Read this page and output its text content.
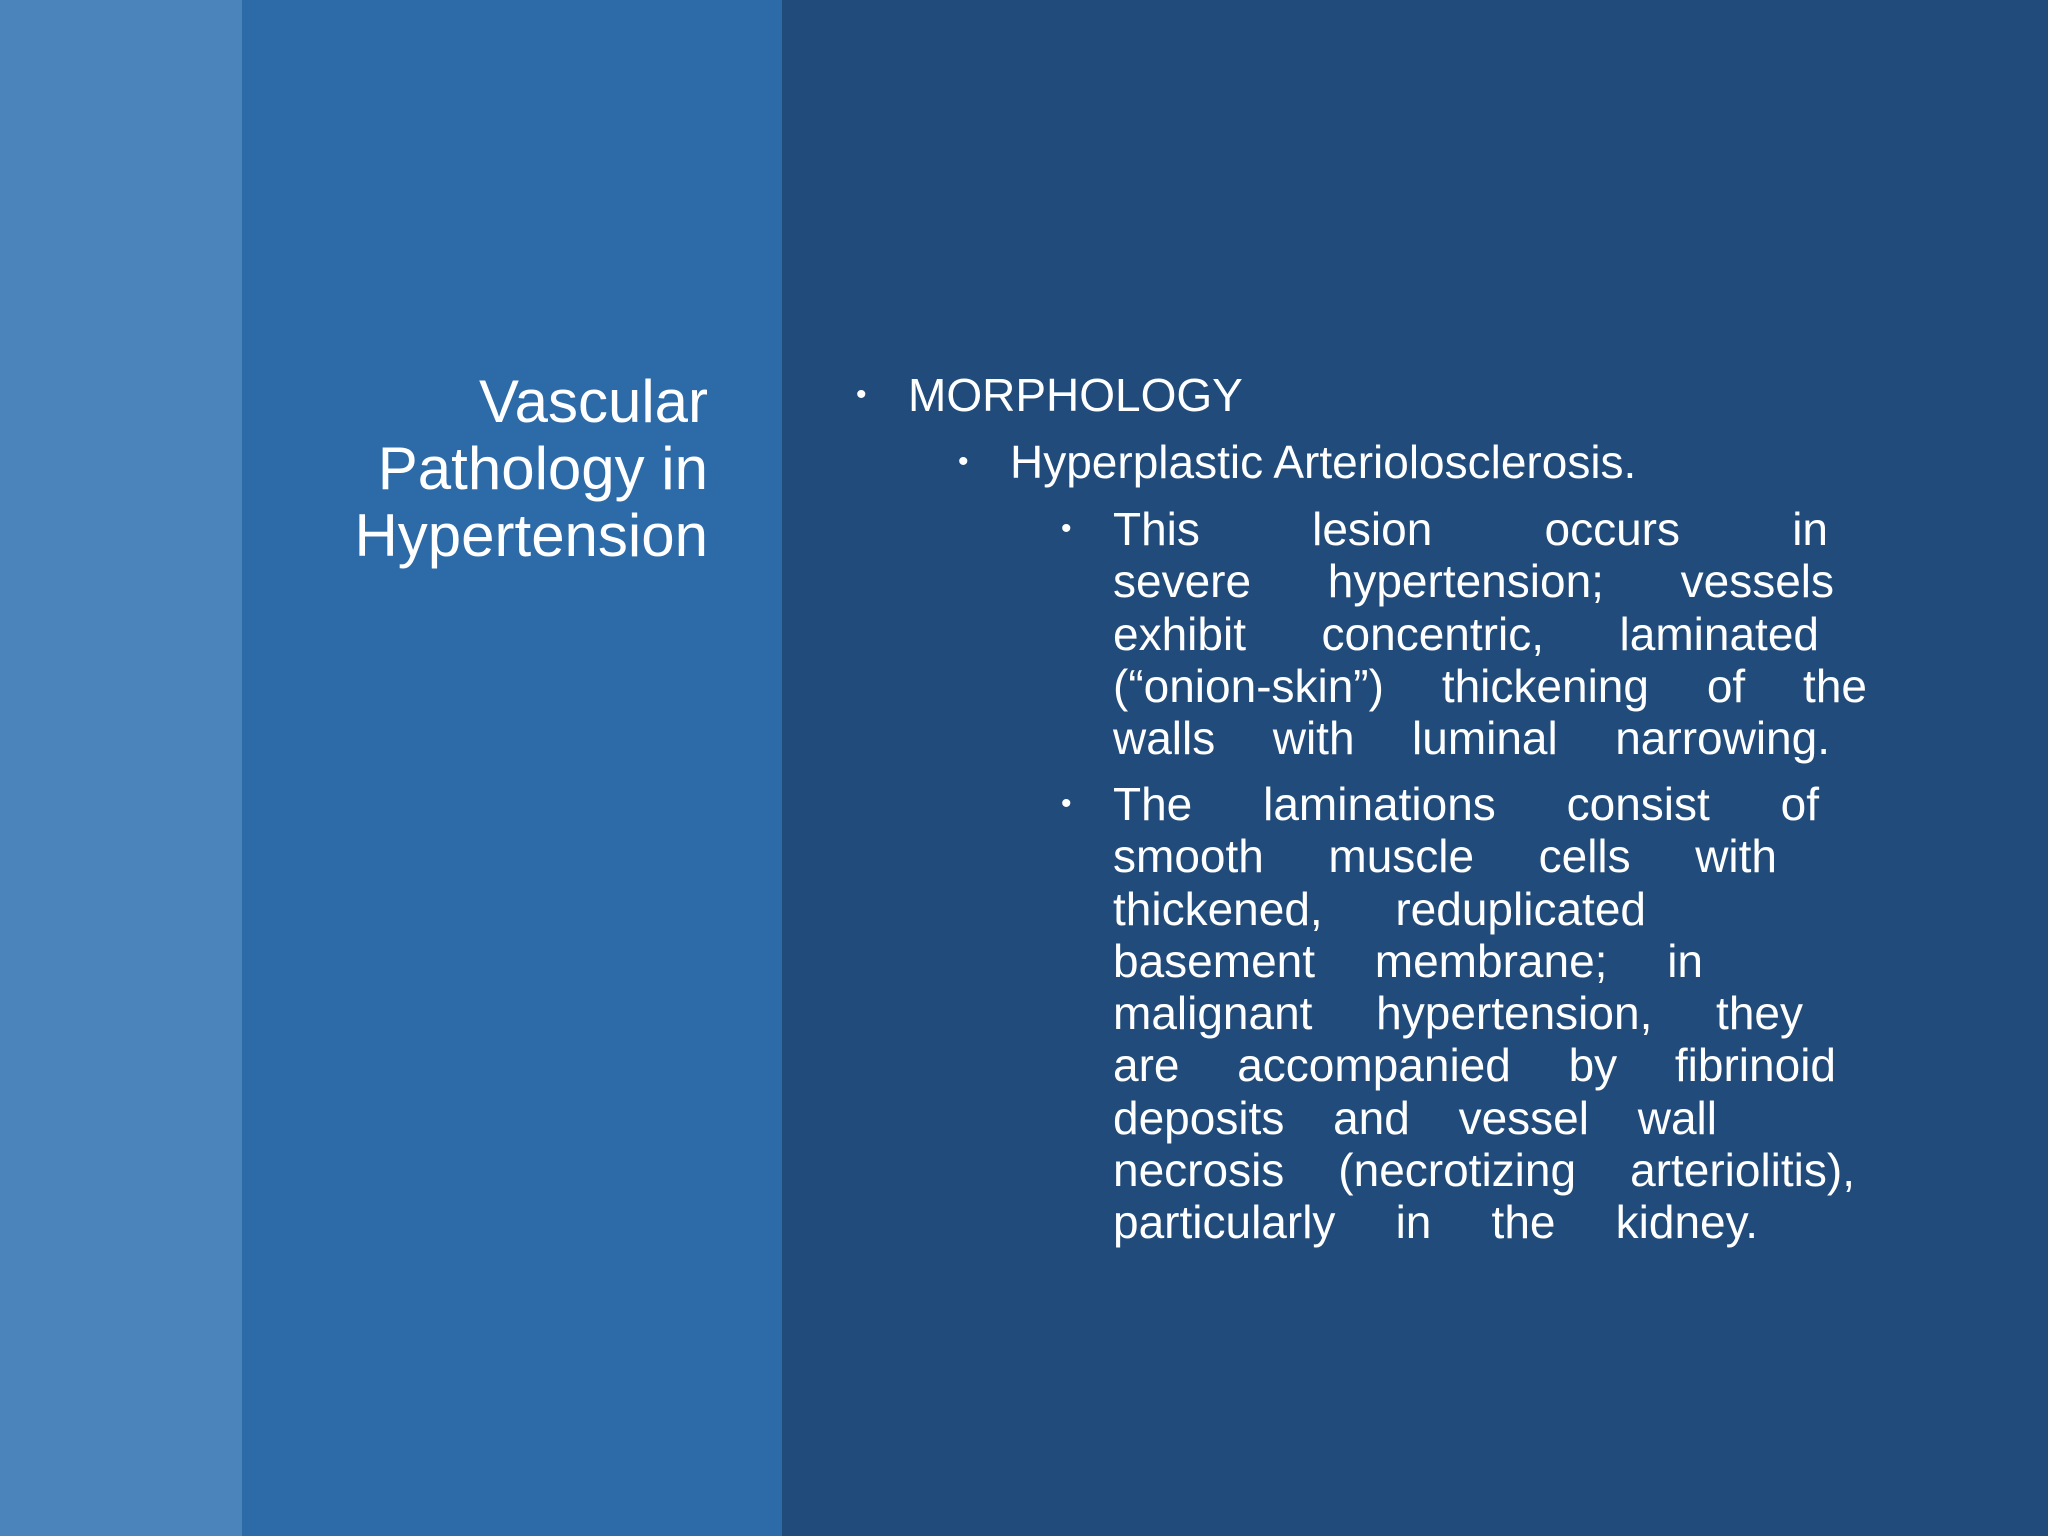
Vascular
Pathology in
Hypertension
• MORPHOLOGY
• Hyperplastic Arteriolosclerosis.
• This lesion occurs in
severe hypertension; vessels
exhibit concentric, laminated
(“onion-skin”) thickening of the
walls with luminal narrowing.
• The laminations consist of
smooth muscle cells with
thickened, reduplicated
basement membrane; in
malignant hypertension, they
are accompanied by fibrinoid
deposits and vessel wall
necrosis (necrotizing arteriolitis),
particularly in the kidney.
